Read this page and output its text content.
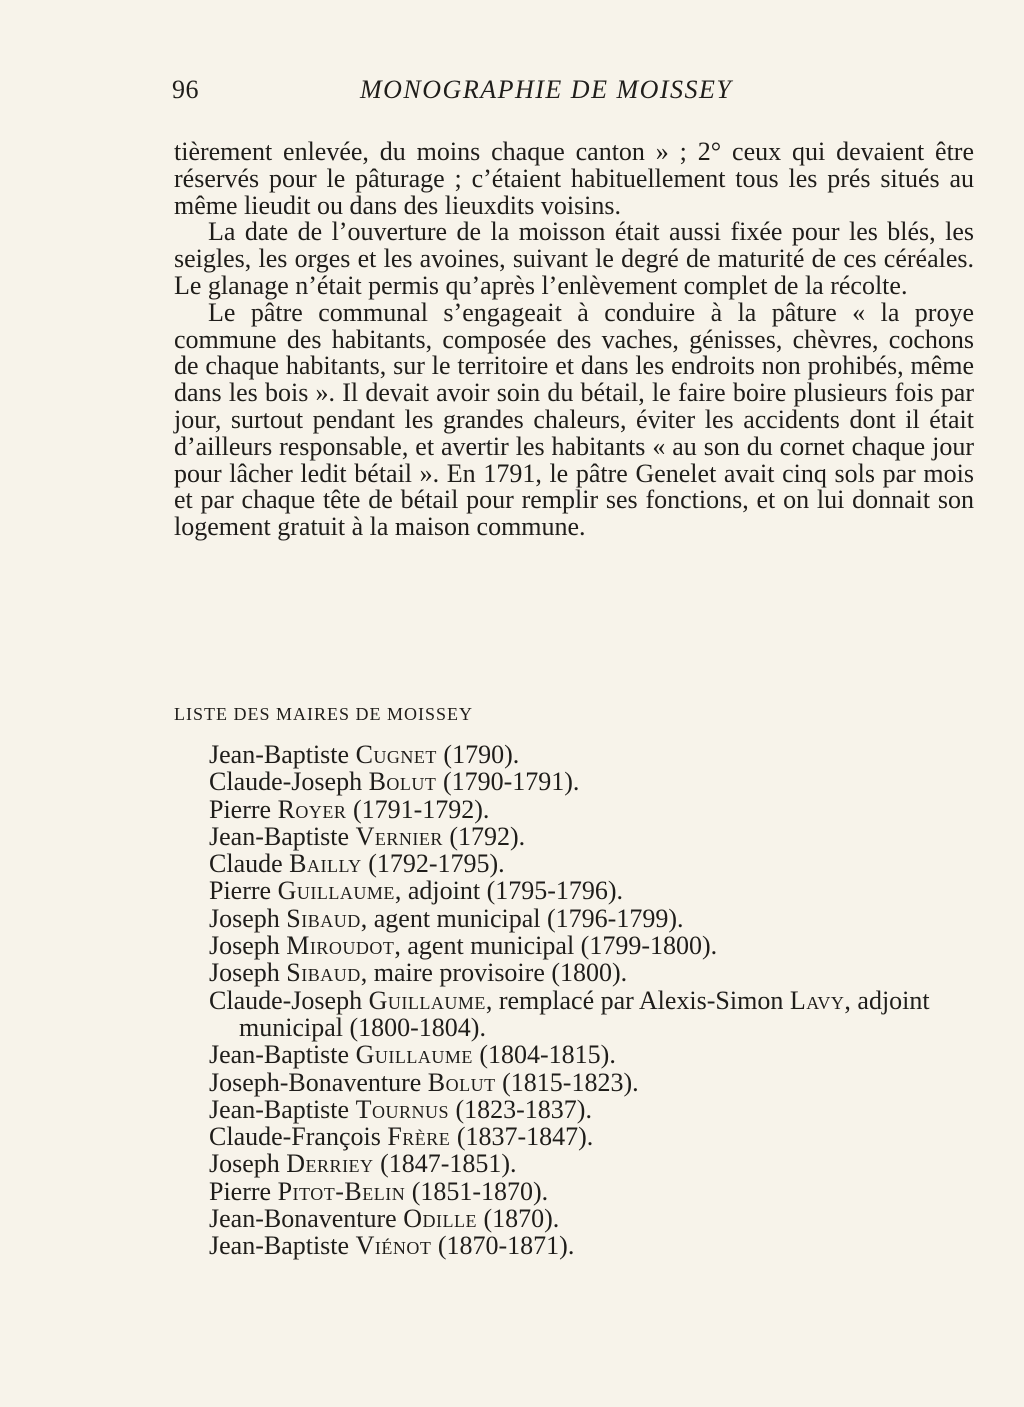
96	MONOGRAPHIE DE MOISSEY

tièrement enlevée, du moins chaque canton » ; 2° ceux qui devaient être réservés pour le pâturage ; c’étaient habituellement tous les prés situés au même lieudit ou dans des lieuxdits voisins.

La date de l’ouverture de la moisson était aussi fixée pour les blés, les seigles, les orges et les avoines, suivant le degré de maturité de ces céréales. Le glanage n’était permis qu’après l’enlèvement complet de la récolte.

Le pâtre communal s’engageait à conduire à la pâture « la proye commune des habitants, composée des vaches, génisses, chèvres, cochons de chaque habitants, sur le territoire et dans les endroits non prohibés, même dans les bois ». Il devait avoir soin du bétail, le faire boire plusieurs fois par jour, surtout pendant les grandes chaleurs, éviter les accidents dont il était d’ailleurs responsable, et avertir les habitants « au son du cornet chaque jour pour lâcher ledit bétail ». En 1791, le pâtre Genelet avait cinq sols par mois et par chaque tête de bétail pour remplir ses fonctions, et on lui donnait son logement gratuit à la maison commune.

LISTE DES MAIRES DE MOISSEY
Jean-Baptiste Cugnet (1790).
Claude-Joseph Bolut (1790-1791).
Pierre Royer (1791-1792).
Jean-Baptiste Vernier (1792).
Claude Bailly (1792-1795).
Pierre Guillaume, adjoint (1795-1796).
Joseph Sibaud, agent municipal (1796-1799).
Joseph Miroudot, agent municipal (1799-1800).
Joseph Sibaud, maire provisoire (1800).
Claude-Joseph Guillaume, remplacé par Alexis-Simon Lavy, adjoint municipal (1800-1804).
Jean-Baptiste Guillaume (1804-1815).
Joseph-Bonaventure Bolut (1815-1823).
Jean-Baptiste Tournus (1823-1837).
Claude-François Frère (1837-1847).
Joseph Derriey (1847-1851).
Pierre Pitot-Belin (1851-1870).
Jean-Bonaventure Odille (1870).
Jean-Baptiste Viénot (1870-1871).
